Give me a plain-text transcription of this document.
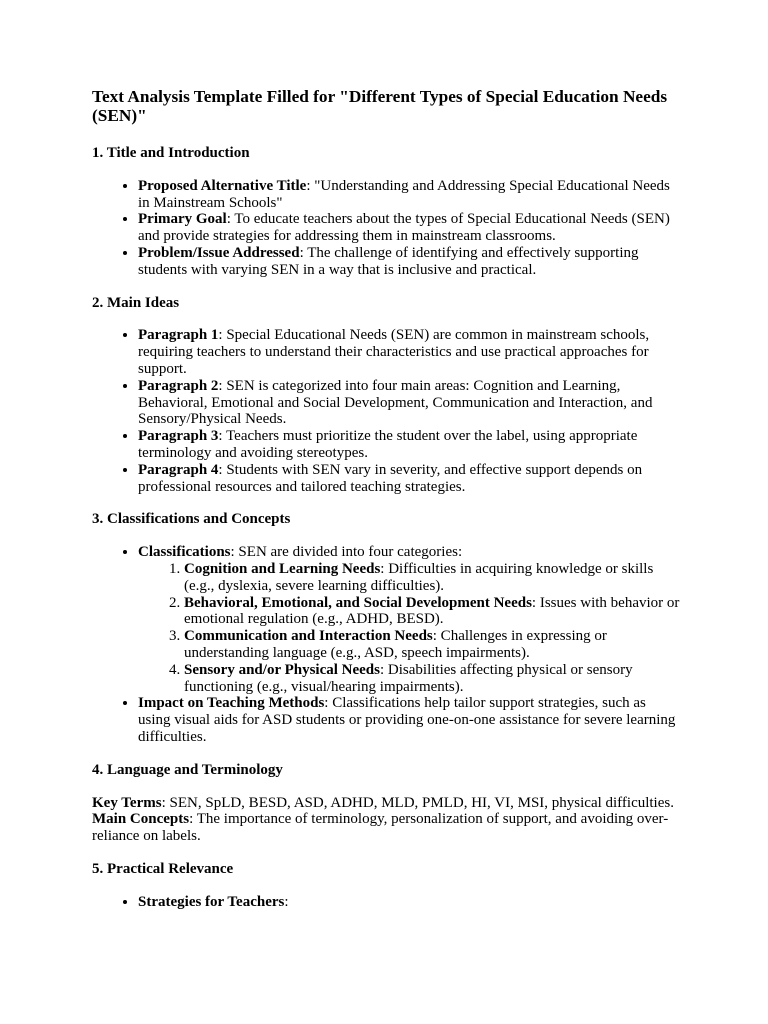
Text Analysis Template Filled for "Different Types of Special Education Needs (SEN)"
1. Title and Introduction
• Proposed Alternative Title: "Understanding and Addressing Special Educational Needs in Mainstream Schools"
• Primary Goal: To educate teachers about the types of Special Educational Needs (SEN) and provide strategies for addressing them in mainstream classrooms.
• Problem/Issue Addressed: The challenge of identifying and effectively supporting students with varying SEN in a way that is inclusive and practical.
2. Main Ideas
• Paragraph 1: Special Educational Needs (SEN) are common in mainstream schools, requiring teachers to understand their characteristics and use practical approaches for support.
• Paragraph 2: SEN is categorized into four main areas: Cognition and Learning, Behavioral, Emotional and Social Development, Communication and Interaction, and Sensory/Physical Needs.
• Paragraph 3: Teachers must prioritize the student over the label, using appropriate terminology and avoiding stereotypes.
• Paragraph 4: Students with SEN vary in severity, and effective support depends on professional resources and tailored teaching strategies.
3. Classifications and Concepts
• Classifications: SEN are divided into four categories:
1. Cognition and Learning Needs: Difficulties in acquiring knowledge or skills (e.g., dyslexia, severe learning difficulties).
2. Behavioral, Emotional, and Social Development Needs: Issues with behavior or emotional regulation (e.g., ADHD, BESD).
3. Communication and Interaction Needs: Challenges in expressing or understanding language (e.g., ASD, speech impairments).
4. Sensory and/or Physical Needs: Disabilities affecting physical or sensory functioning (e.g., visual/hearing impairments).
• Impact on Teaching Methods: Classifications help tailor support strategies, such as using visual aids for ASD students or providing one-on-one assistance for severe learning difficulties.
4. Language and Terminology

Key Terms: SEN, SpLD, BESD, ASD, ADHD, MLD, PMLD, HI, VI, MSI, physical difficulties.

Main Concepts: The importance of terminology, personalization of support, and avoiding over-reliance on labels.

5. Practical Relevance
• Strategies for Teachers:
